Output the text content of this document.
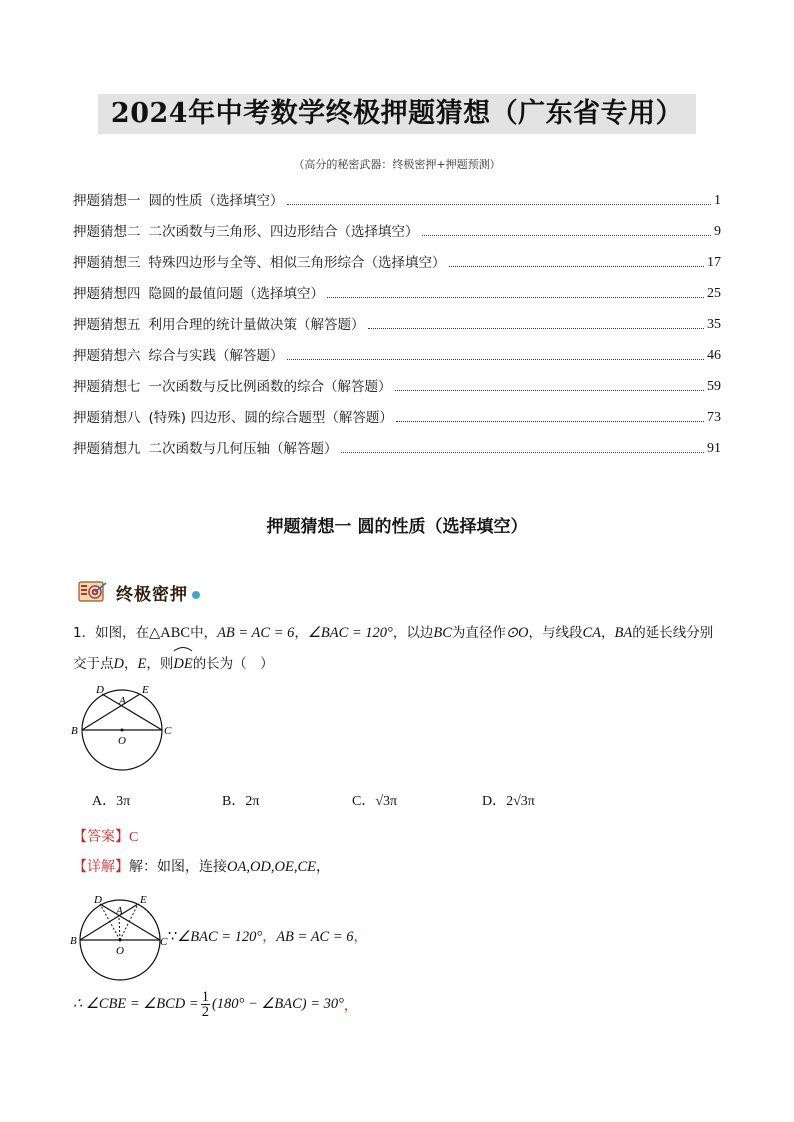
2024年中考数学终极押题猜想（广东省专用）
（高分的秘密武器：终极密押+押题预测）
押题猜想一 圆的性质（选择填空）	1
押题猜想二 二次函数与三角形、四边形结合（选择填空）	9
押题猜想三 特殊四边形与全等、相似三角形综合（选择填空）	17
押题猜想四 隐圆的最值问题（选择填空）	25
押题猜想五 利用合理的统计量做决策（解答题）	35
押题猜想六 综合与实践（解答题）	46
押题猜想七 一次函数与反比例函数的综合（解答题）	59
押题猜想八 (特殊) 四边形、圆的综合题型（解答题）	73
押题猜想九 二次函数与几何压轴（解答题）	91
押题猜想一 圆的性质（选择填空）
终极密押
1．如图，在△ABC中，AB = AC = 6，∠BAC = 120°，以边BC为直径作⊙O，与线段CA，BA的延长线分别
交于点D，E，则
DE的长为（　）
D	E
A
B	C
O
A．3π	B．2π	C．√3π	D．2√3π
【答案】C
【详解】解：如图，连接OA,OD,OE,CE，
D	E
A
B	C
O
∵∠BAC = 120°，AB = AC = 6，
∴ ∠CBE = ∠BCD = $\frac{1}{2} (180^\circ$ − ∠BAC) = 30° ，
